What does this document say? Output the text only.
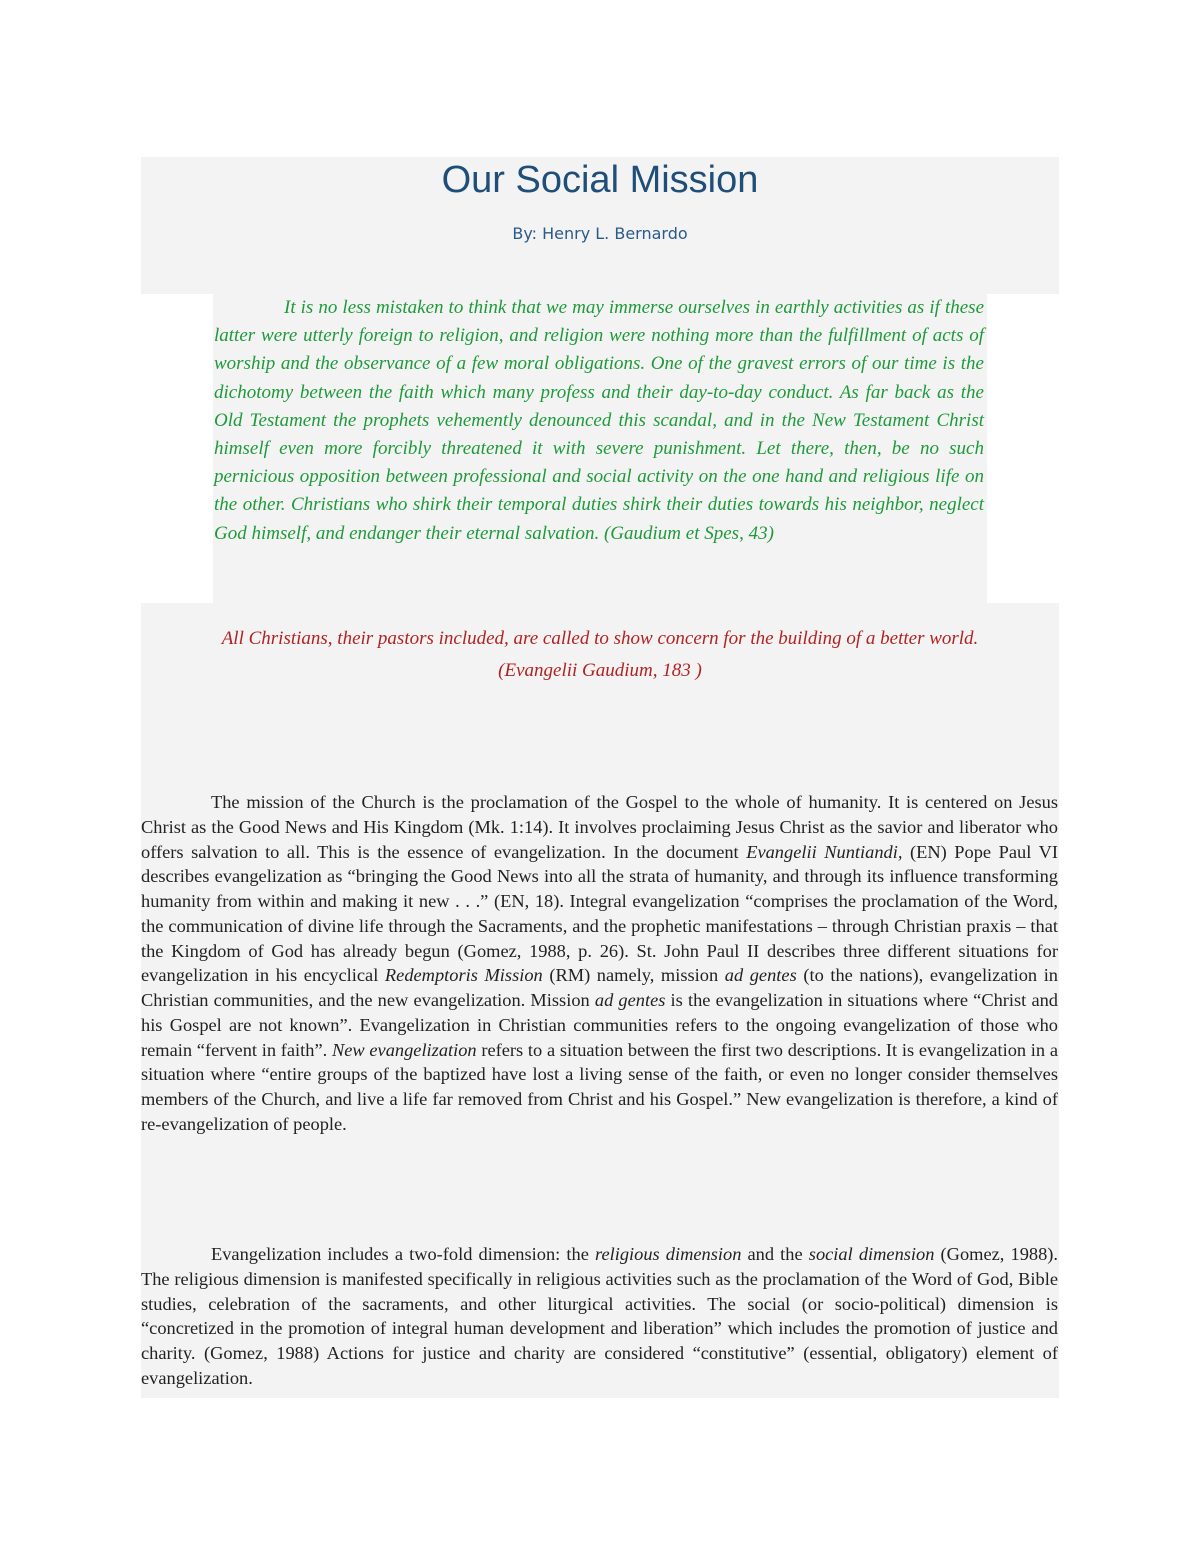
Our Social Mission
By: Henry L. Bernardo

It is no less mistaken to think that we may immerse ourselves in earthly activities as if these latter were utterly foreign to religion, and religion were nothing more than the fulfillment of acts of worship and the observance of a few moral obligations. One of the gravest errors of our time is the dichotomy between the faith which many profess and their day-to-day conduct. As far back as the Old Testament the prophets vehemently denounced this scandal, and in the New Testament Christ himself even more forcibly threatened it with severe punishment. Let there, then, be no such pernicious opposition between professional and social activity on the one hand and religious life on the other. Christians who shirk their temporal duties shirk their duties towards his neighbor, neglect God himself, and endanger their eternal salvation. (Gaudium et Spes, 43)

All Christians, their pastors included, are called to show concern for the building of a better world.
(Evangelii Gaudium, 183 )

The mission of the Church is the proclamation of the Gospel to the whole of humanity. It is centered on Jesus Christ as the Good News and His Kingdom (Mk. 1:14). It involves proclaiming Jesus Christ as the savior and liberator who offers salvation to all. This is the essence of evangelization. In the document Evangelii Nuntiandi, (EN) Pope Paul VI describes evangelization as “bringing the Good News into all the strata of humanity, and through its influence transforming humanity from within and making it new . . .” (EN, 18). Integral evangelization “comprises the proclamation of the Word, the communication of divine life through the Sacraments, and the prophetic manifestations – through Christian praxis – that the Kingdom of God has already begun (Gomez, 1988, p. 26). St. John Paul II describes three different situations for evangelization in his encyclical Redemptoris Mission (RM) namely, mission ad gentes (to the nations), evangelization in Christian communities, and the new evangelization. Mission ad gentes is the evangelization in situations where “Christ and his Gospel are not known”. Evangelization in Christian communities refers to the ongoing evangelization of those who remain “fervent in faith”. New evangelization refers to a situation between the first two descriptions. It is evangelization in a situation where “entire groups of the baptized have lost a living sense of the faith, or even no longer consider themselves members of the Church, and live a life far removed from Christ and his Gospel.” New evangelization is therefore, a kind of re-evangelization of people.

Evangelization includes a two-fold dimension: the religious dimension and the social dimension (Gomez, 1988). The religious dimension is manifested specifically in religious activities such as the proclamation of the Word of God, Bible studies, celebration of the sacraments, and other liturgical activities. The social (or socio-political) dimension is “concretized in the promotion of integral human development and liberation” which includes the promotion of justice and charity. (Gomez, 1988) Actions for justice and charity are considered “constitutive” (essential, obligatory) element of evangelization.
